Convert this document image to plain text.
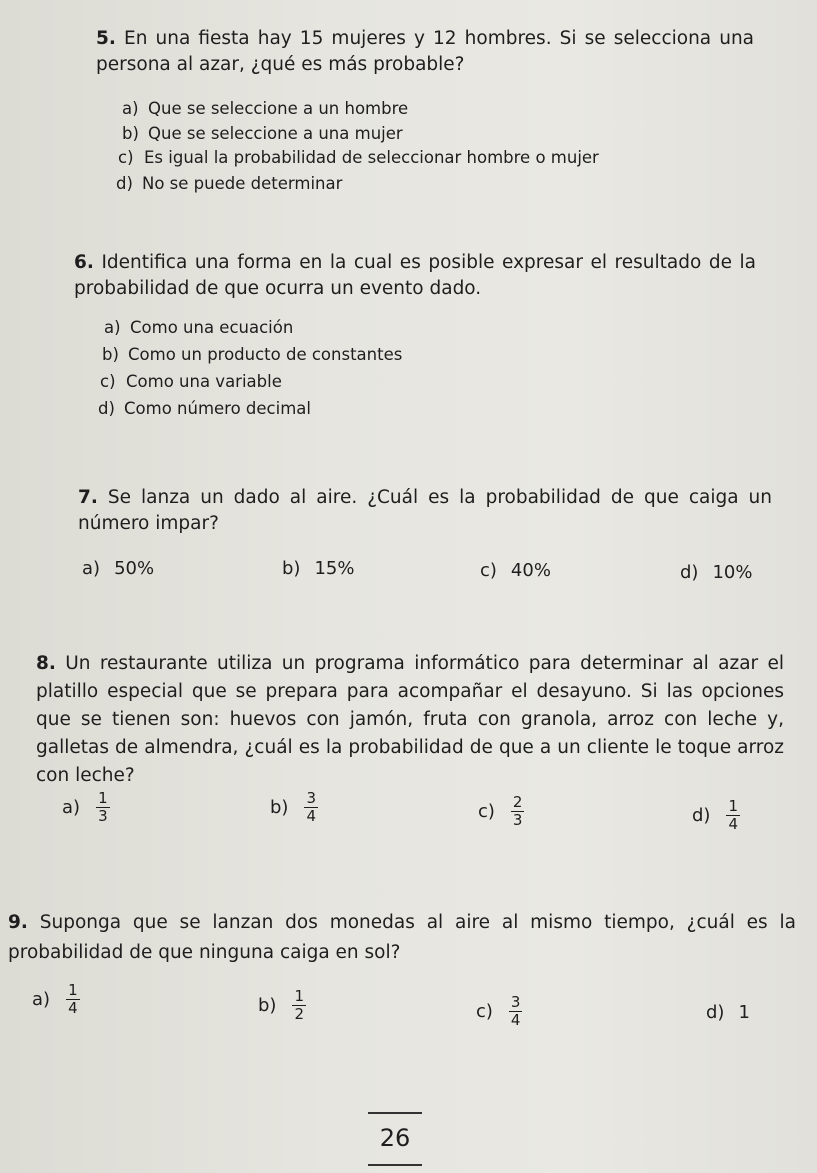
5. En una fiesta hay 15 mujeres y 12 hombres. Si se selecciona una persona al azar, ¿qué es más probable?
a) Que se seleccione a un hombre
b) Que se seleccione a una mujer
c) Es igual la probabilidad de seleccionar hombre o mujer
d) No se puede determinar
6. Identifica una forma en la cual es posible expresar el resultado de la probabilidad de que ocurra un evento dado.
a) Como una ecuación
b) Como un producto de constantes
c) Como una variable
d) Como número decimal
7. Se lanza un dado al aire. ¿Cuál es la probabilidad de que caiga un número impar?
a) 50%	b) 15%	c) 40%	d) 10%
8. Un restaurante utiliza un programa informático para determinar al azar el platillo especial que se prepara para acompañar el desayuno. Si las opciones que se tienen son: huevos con jamón, fruta con granola, arroz con leche y, galletas de almendra, ¿cuál es la probabilidad de que a un cliente le toque arroz con leche?
$a) \frac{1}{3}$	$b) \frac{3}{4}$	$c) \frac{2}{3}$	$d) \frac{1}{4}$
9. Suponga que se lanzan dos monedas al aire al mismo tiempo, ¿cuál es la probabilidad de que ninguna caiga en sol?
$a) \frac{1}{4}$	$b) \frac{1}{2}$	$c) \frac{3}{4}$	d) 1
26
